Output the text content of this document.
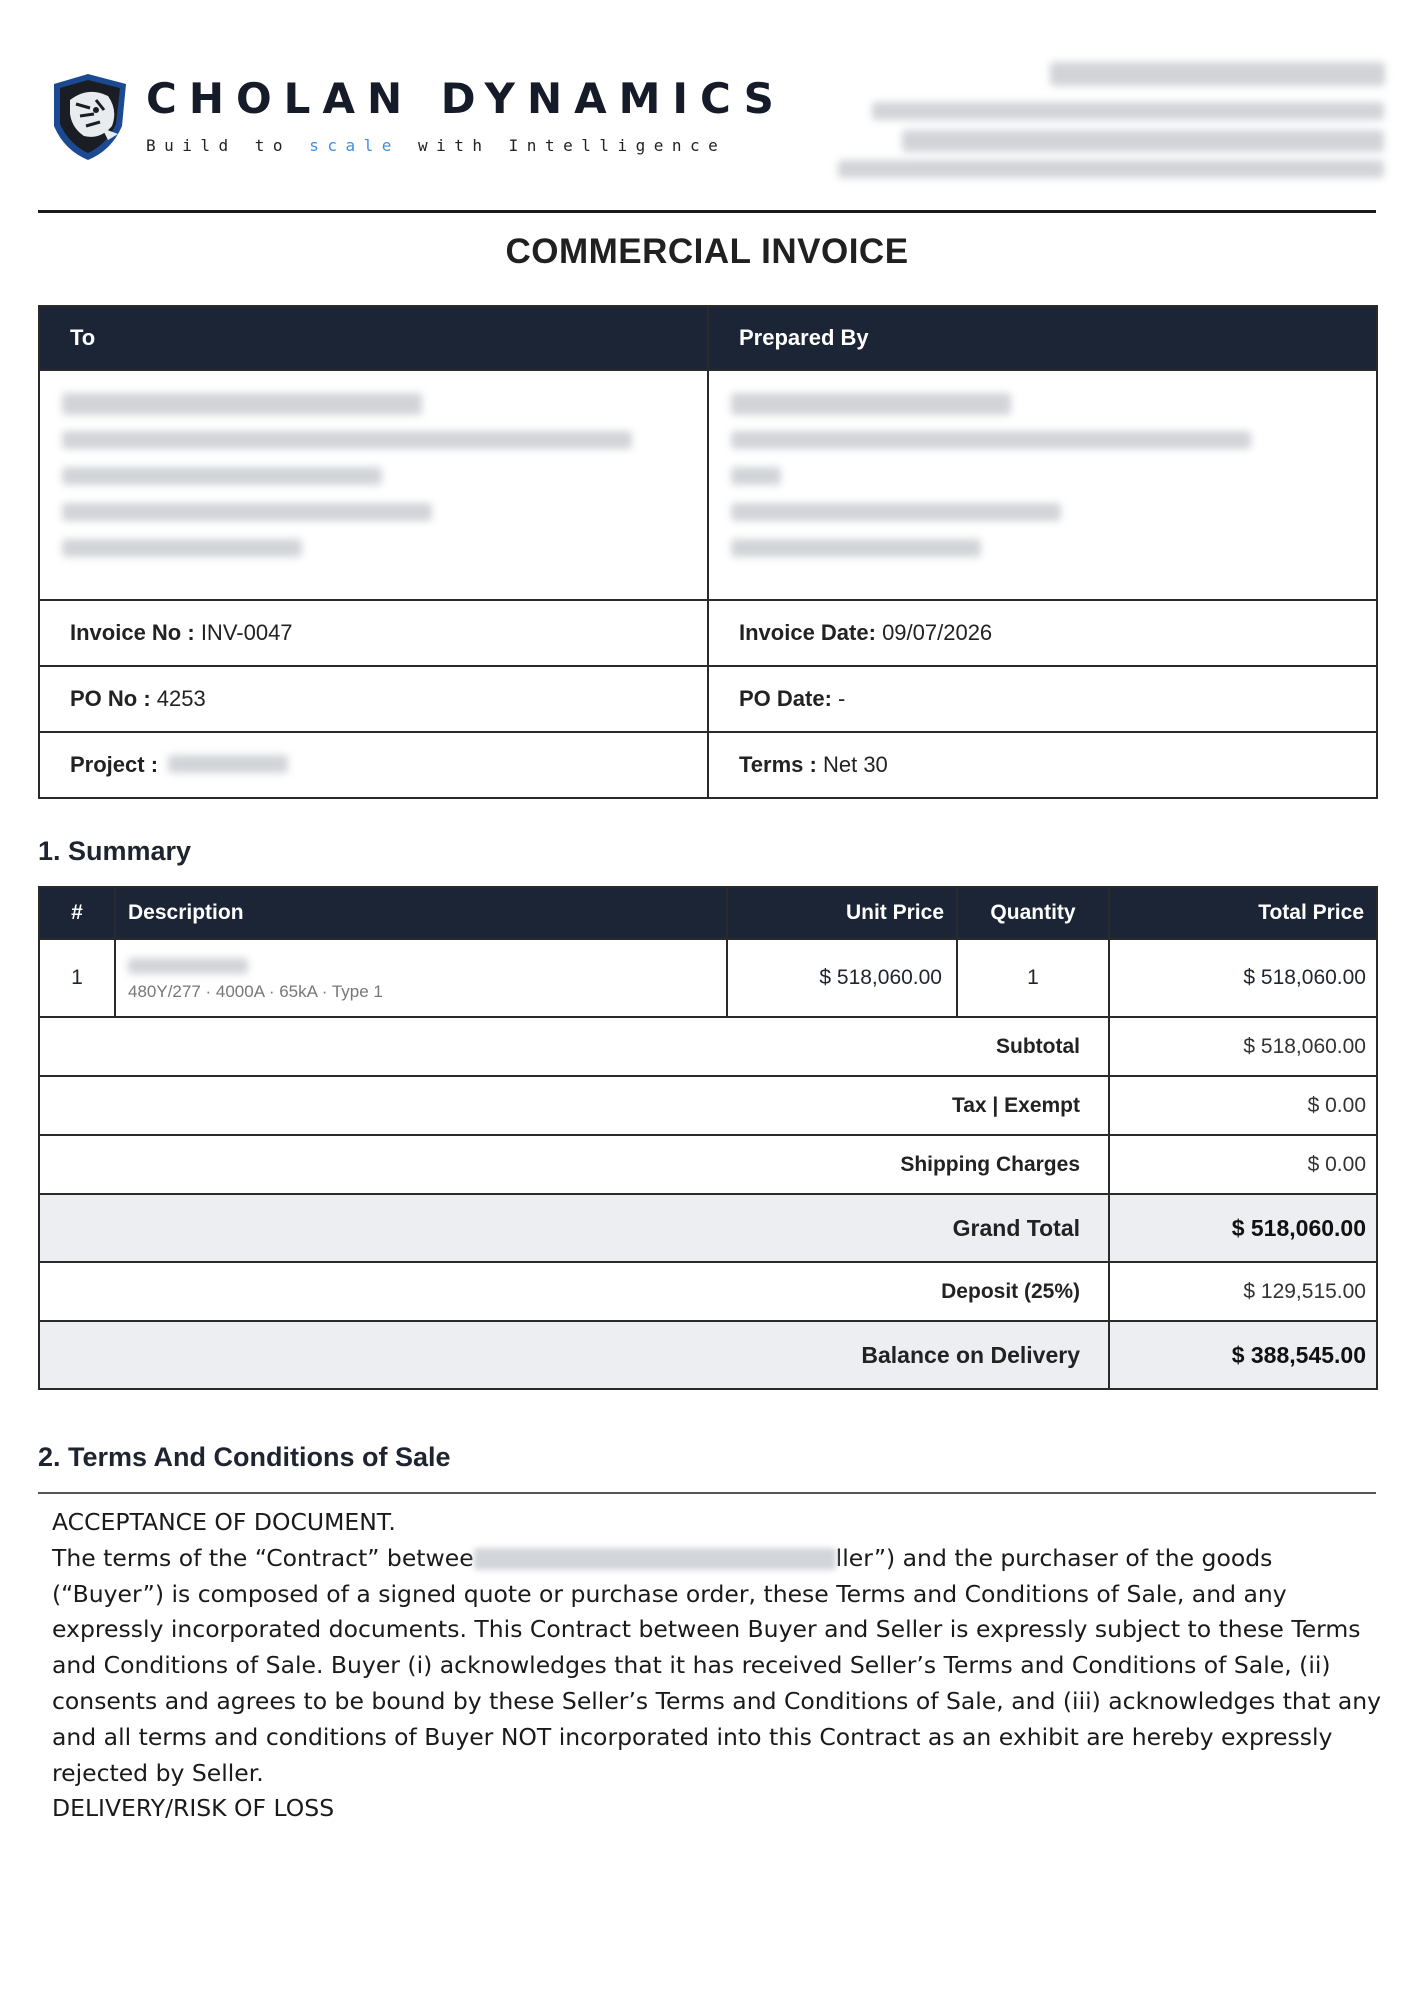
CHOLAN DYNAMICS
Build to scale with Intelligence
COMMERCIAL INVOICE
To	Prepared By

Invoice No : INV-0047	Invoice Date: 09/07/2026
PO No : 4253	PO Date: -
Project :	Terms : Net 30
1. Summary
#	Description	Unit Price	Quantity	Total Price
1	480Y/277 · 4000A · 65kA · Type 1	$ 518,060.00	1	$ 518,060.00
Subtotal				$ 518,060.00
Tax | Exempt				$ 0.00
Shipping Charges				$ 0.00
Grand Total				$ 518,060.00
Deposit (25%)				$ 129,515.00
Balance on Delivery				$ 388,545.00
2. Terms And Conditions of Sale

ACCEPTANCE OF DOCUMENT.

The terms of the “Contract” betwee	ller”) and the purchaser of the goods (“Buyer”) is composed of a signed quote or purchase order, these Terms and Conditions of Sale, and any expressly incorporated documents. This Contract between Buyer and Seller is expressly subject to these Terms and Conditions of Sale. Buyer (i) acknowledges that it has received Seller’s Terms and Conditions of Sale, (ii) consents and agrees to be bound by these Seller’s Terms and Conditions of Sale, and (iii) acknowledges that any and all terms and conditions of Buyer NOT incorporated into this Contract as an exhibit are hereby expressly rejected by Seller.

DELIVERY/RISK OF LOSS
